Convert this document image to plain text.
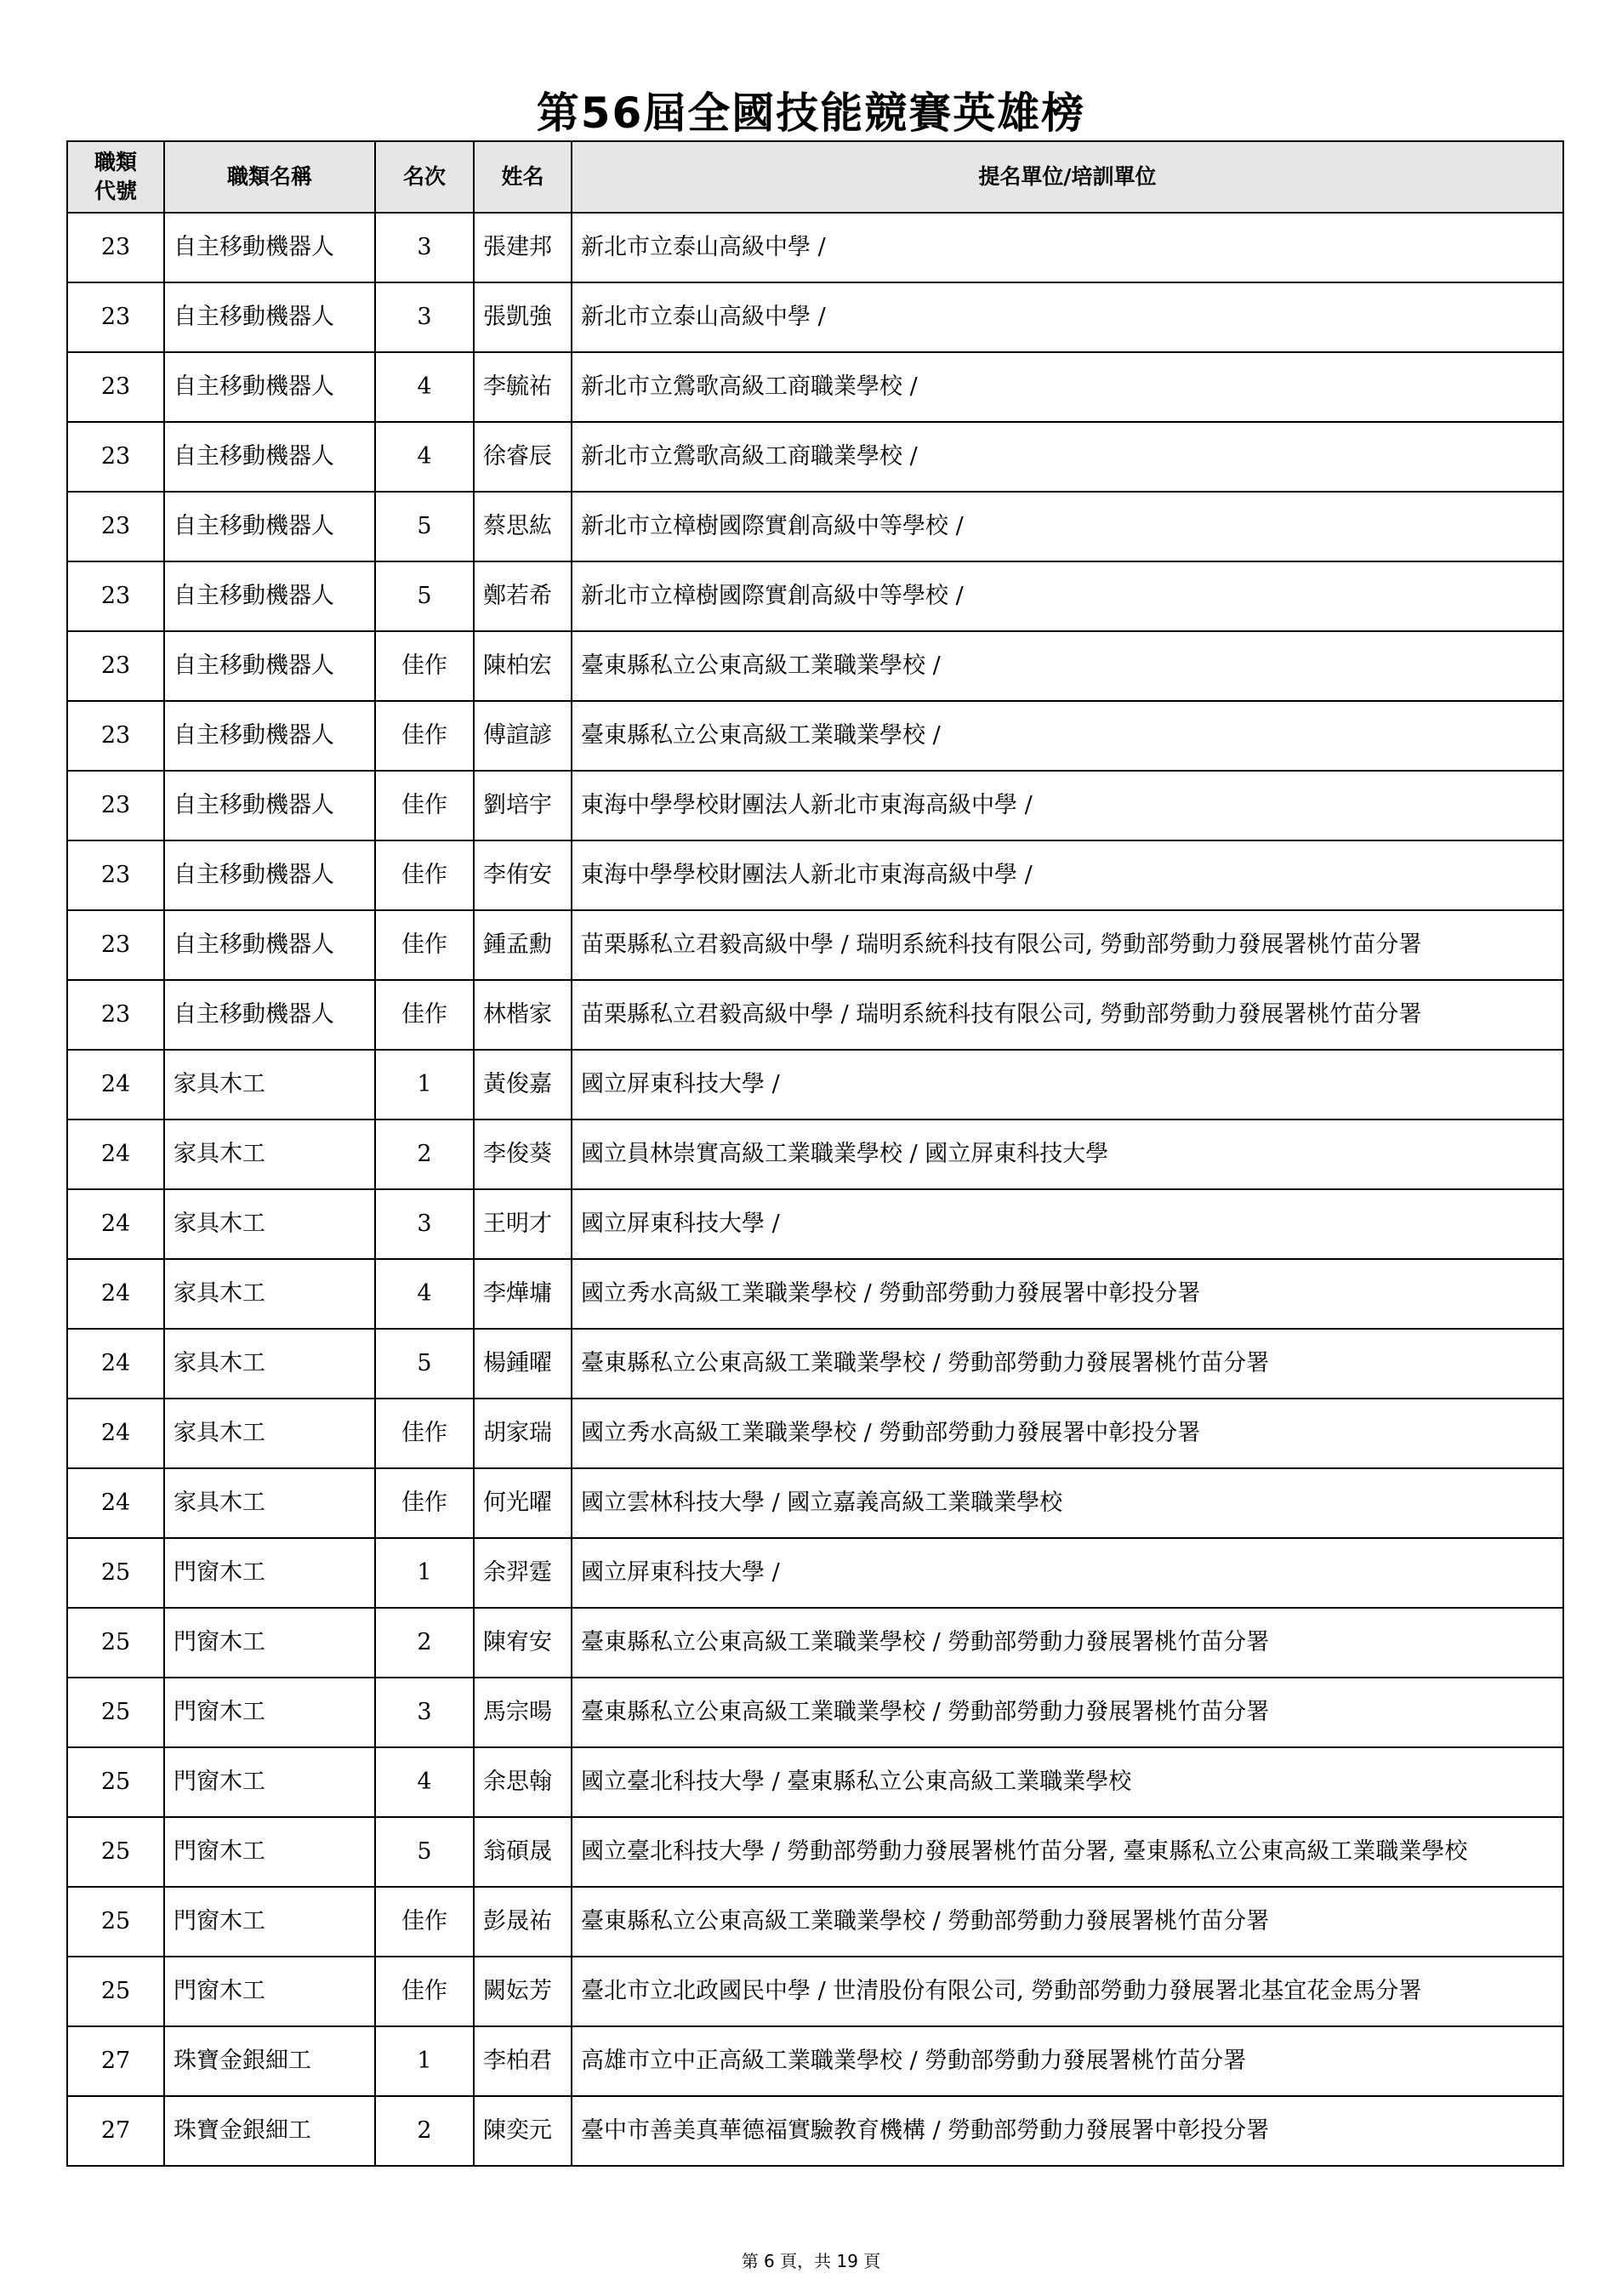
第56屆全國技能競賽英雄榜
職類代號	職類名稱	名次	姓名	提名單位/培訓單位
23	自主移動機器人	3	張建邦	新北市立泰山高級中學 /
23	自主移動機器人	3	張凱強	新北市立泰山高級中學 /
23	自主移動機器人	4	李毓祐	新北市立鶯歌高級工商職業學校 /
23	自主移動機器人	4	徐睿辰	新北市立鶯歌高級工商職業學校 /
23	自主移動機器人	5	蔡思紘	新北市立樟樹國際實創高級中等學校 /
23	自主移動機器人	5	鄭若希	新北市立樟樹國際實創高級中等學校 /
23	自主移動機器人	佳作	陳柏宏	臺東縣私立公東高級工業職業學校 /
23	自主移動機器人	佳作	傅諠諺	臺東縣私立公東高級工業職業學校 /
23	自主移動機器人	佳作	劉培宇	東海中學學校財團法人新北市東海高級中學 /
23	自主移動機器人	佳作	李侑安	東海中學學校財團法人新北市東海高級中學 /
23	自主移動機器人	佳作	鍾孟勳	苗栗縣私立君毅高級中學 / 瑞明系統科技有限公司, 勞動部勞動力發展署桃竹苗分署
23	自主移動機器人	佳作	林楷家	苗栗縣私立君毅高級中學 / 瑞明系統科技有限公司, 勞動部勞動力發展署桃竹苗分署
24	家具木工	1	黃俊嘉	國立屏東科技大學 /
24	家具木工	2	李俊葵	國立員林崇實高級工業職業學校 / 國立屏東科技大學
24	家具木工	3	王明才	國立屏東科技大學 /
24	家具木工	4	李燁墉	國立秀水高級工業職業學校 / 勞動部勞動力發展署中彰投分署
24	家具木工	5	楊鍾曜	臺東縣私立公東高級工業職業學校 / 勞動部勞動力發展署桃竹苗分署
24	家具木工	佳作	胡家瑞	國立秀水高級工業職業學校 / 勞動部勞動力發展署中彰投分署
24	家具木工	佳作	何光曜	國立雲林科技大學 / 國立嘉義高級工業職業學校
25	門窗木工	1	余羿霆	國立屏東科技大學 /
25	門窗木工	2	陳宥安	臺東縣私立公東高級工業職業學校 / 勞動部勞動力發展署桃竹苗分署
25	門窗木工	3	馬宗暘	臺東縣私立公東高級工業職業學校 / 勞動部勞動力發展署桃竹苗分署
25	門窗木工	4	余思翰	國立臺北科技大學 / 臺東縣私立公東高級工業職業學校
25	門窗木工	5	翁碩晟	國立臺北科技大學 / 勞動部勞動力發展署桃竹苗分署, 臺東縣私立公東高級工業職業學校
25	門窗木工	佳作	彭晟祐	臺東縣私立公東高級工業職業學校 / 勞動部勞動力發展署桃竹苗分署
25	門窗木工	佳作	闕妘芳	臺北市立北政國民中學 / 世清股份有限公司, 勞動部勞動力發展署北基宜花金馬分署
27	珠寶金銀細工	1	李柏君	高雄市立中正高級工業職業學校 / 勞動部勞動力發展署桃竹苗分署
27	珠寶金銀細工	2	陳奕元	臺中市善美真華德福實驗教育機構 / 勞動部勞動力發展署中彰投分署
第 6 頁，共 19 頁
